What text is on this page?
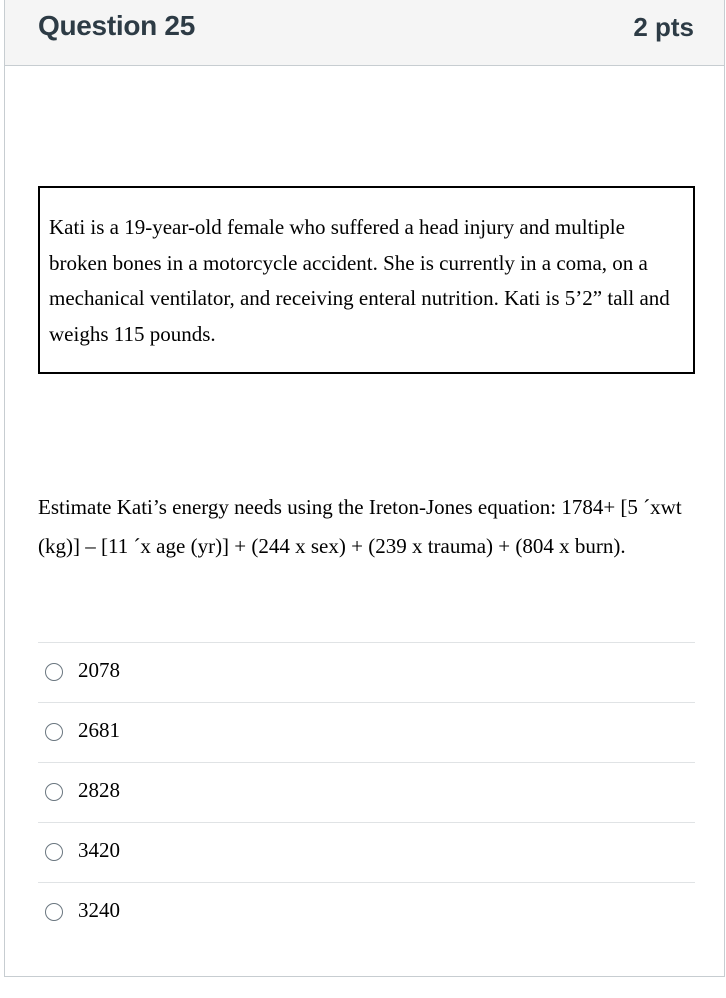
Question 25	2 pts
Kati is a 19-year-old female who suffered a head injury and multiple broken bones in a motorcycle accident. She is currently in a coma, on a mechanical ventilator, and receiving enteral nutrition. Kati is 5’2” tall and weighs 115 pounds.
Estimate Kati’s energy needs using the Ireton-Jones equation: 1784+ [5 ´xwt (kg)] – [11 ´x age (yr)] + (244 x sex) + (239 x trauma) + (804 x burn).
2078
2681
2828
3420
3240
